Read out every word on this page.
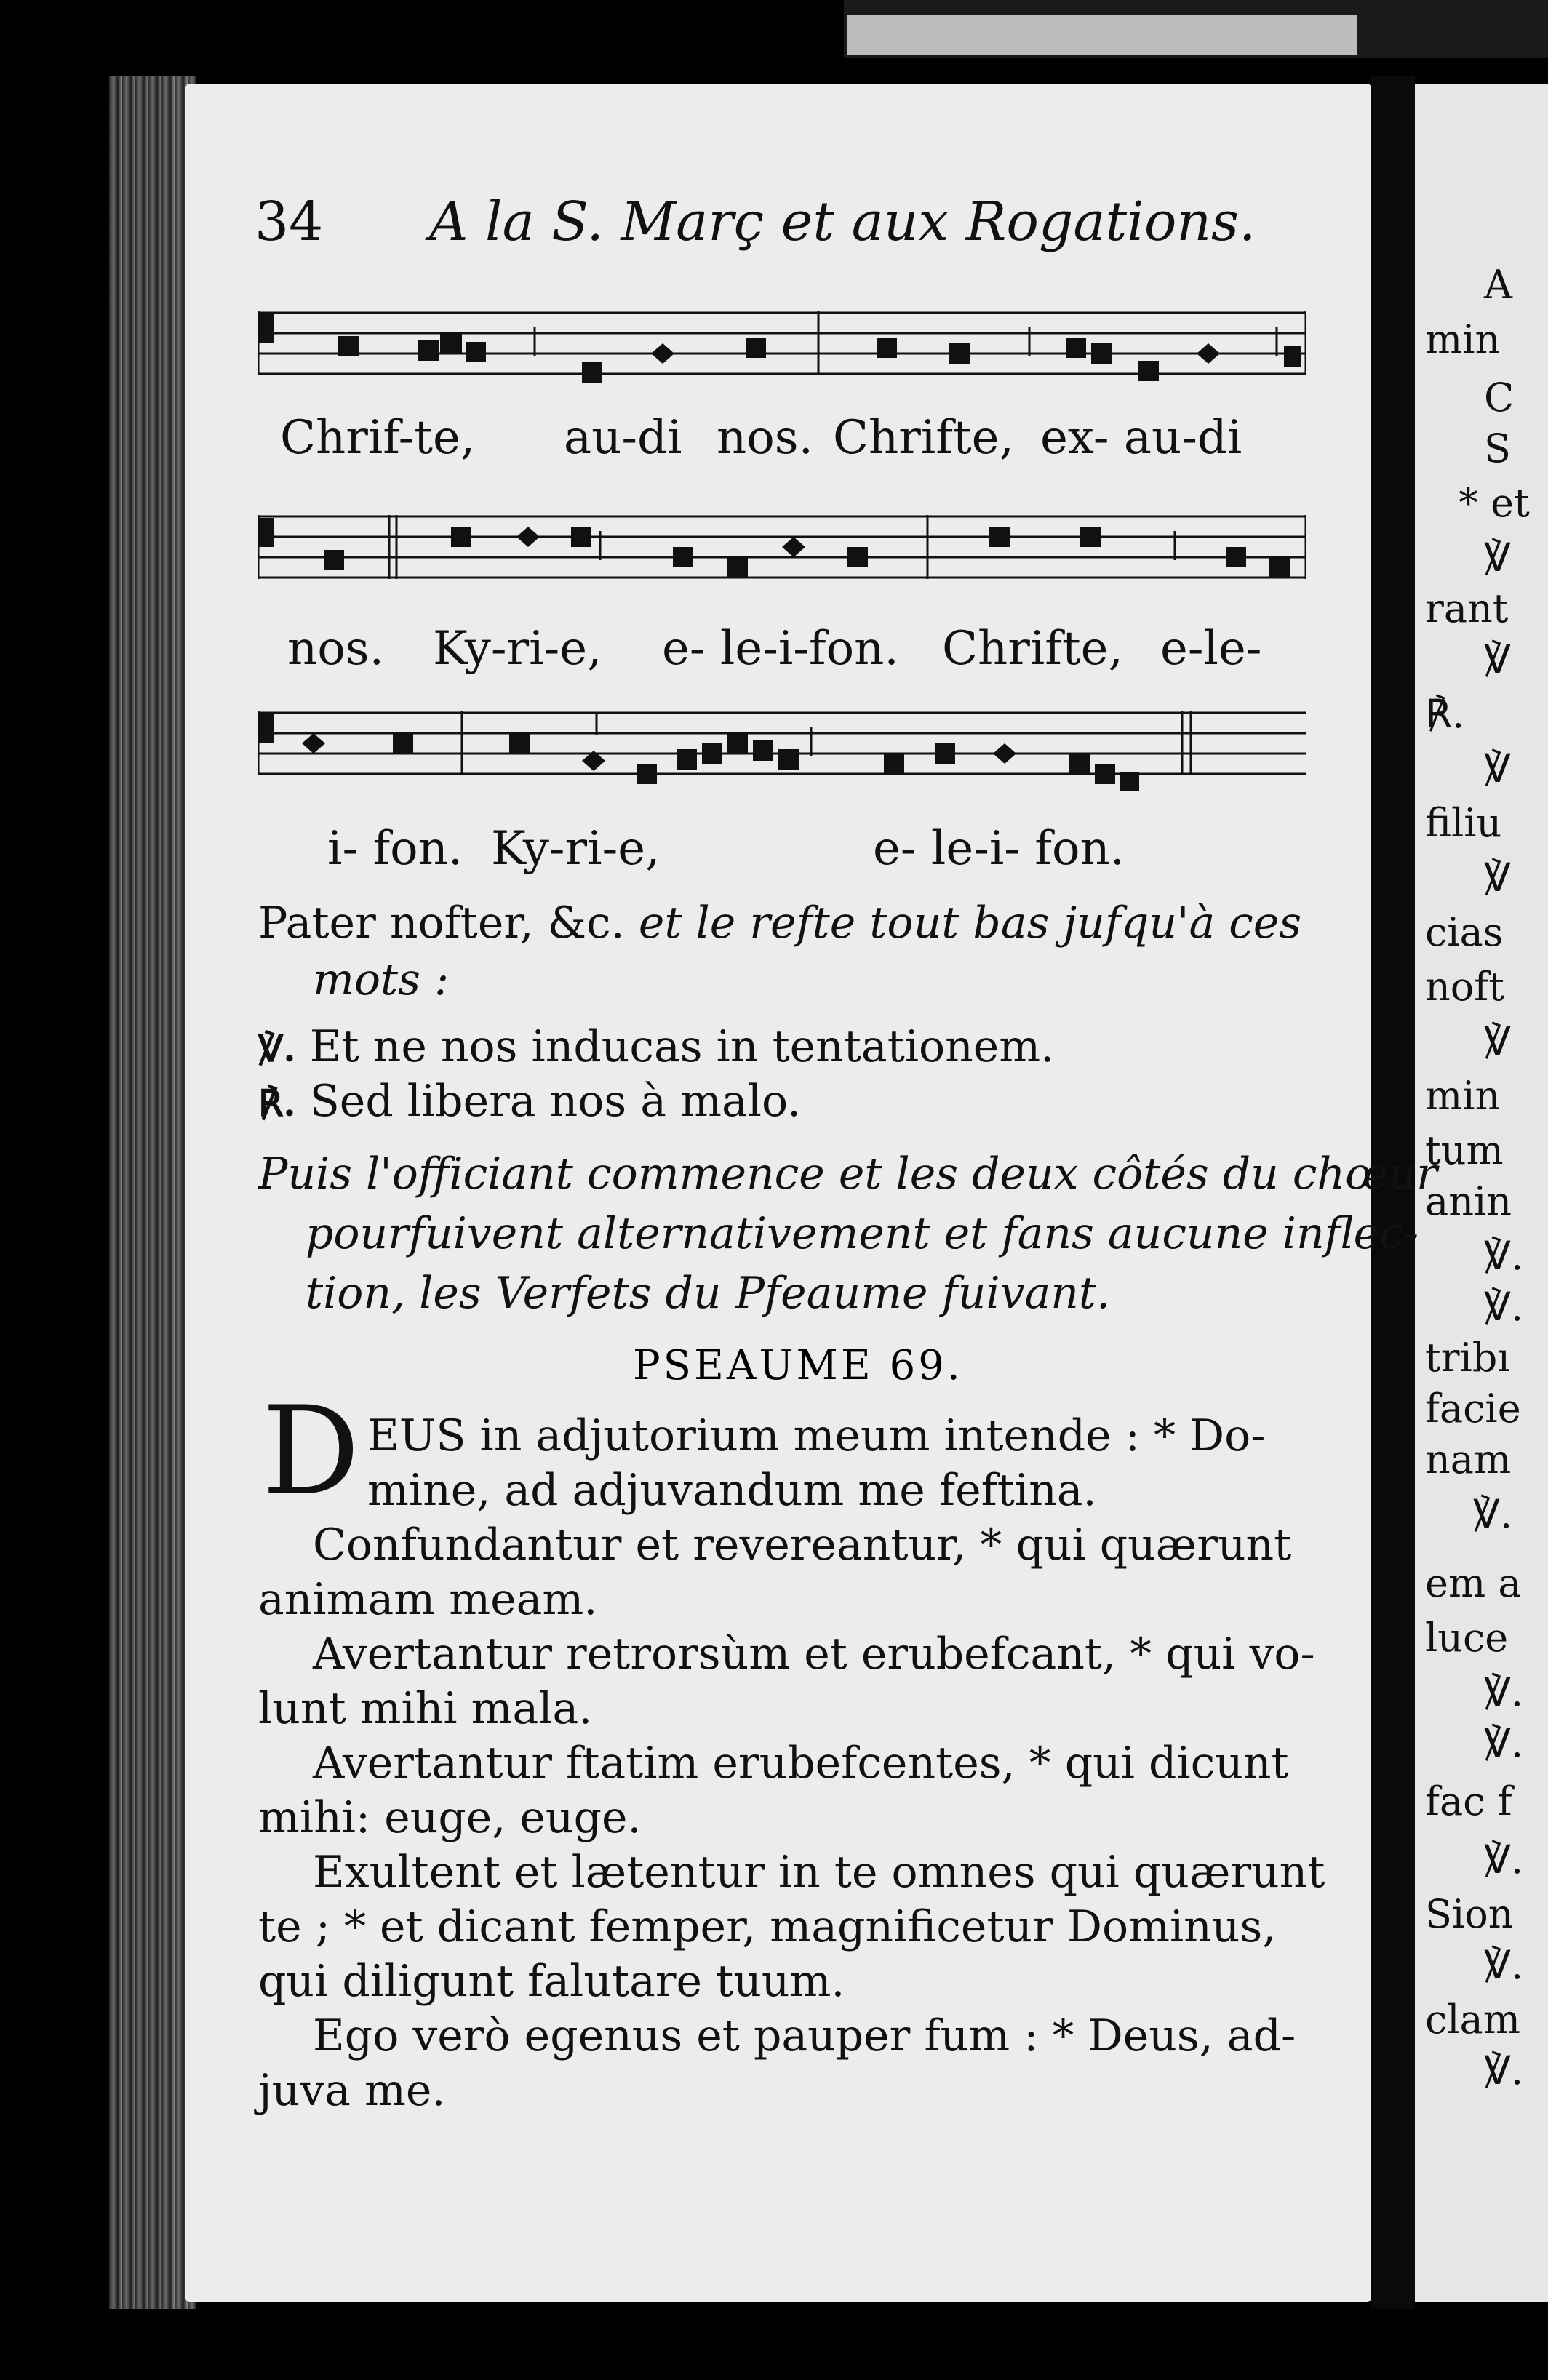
A
min
C
S
* et
℣
rant
℣
℟.
℣
filiu
℣
cias
noft
℣
min
tum
anin
℣.
℣.
tribı
facie
nam
℣.
em a
luce
℣.
℣.
fac f
℣.
Sion
℣.
clam
℣.
34 A la S. Març et aux Rogations.
Chrif-te, au-di nos. Chrifte, ex- au-di
nos. Ky-ri-e, e- le-i-fon. Chrifte, e-le-
i- fon. Ky-ri-e,	e- le-i- fon.
Pater nofter, &c. et le refte tout bas jufqu'à ces
mots :
℣. Et ne nos inducas in tentationem.
℟. Sed libera nos à malo.
Puis l'officiant commence et les deux côtés du chœur
pourfuivent alternativement et fans aucune inflec-
tion, les Verfets du Pfeaume fuivant.
PSEAUME 69.
D EUS in adjutorium meum intende : * Do-
mine, ad adjuvandum me feftina.
Confundantur et revereantur, * qui quærunt
animam meam.
Avertantur retrorsùm et erubefcant, * qui vo-
lunt mihi mala.
Avertantur ftatim erubefcentes, * qui dicunt
mihi: euge, euge.
Exultent et lætentur in te omnes qui quærunt
te ; * et dicant femper, magnificetur Dominus,
qui diligunt falutare tuum.
Ego verò egenus et pauper fum : * Deus, ad-
juva me.
